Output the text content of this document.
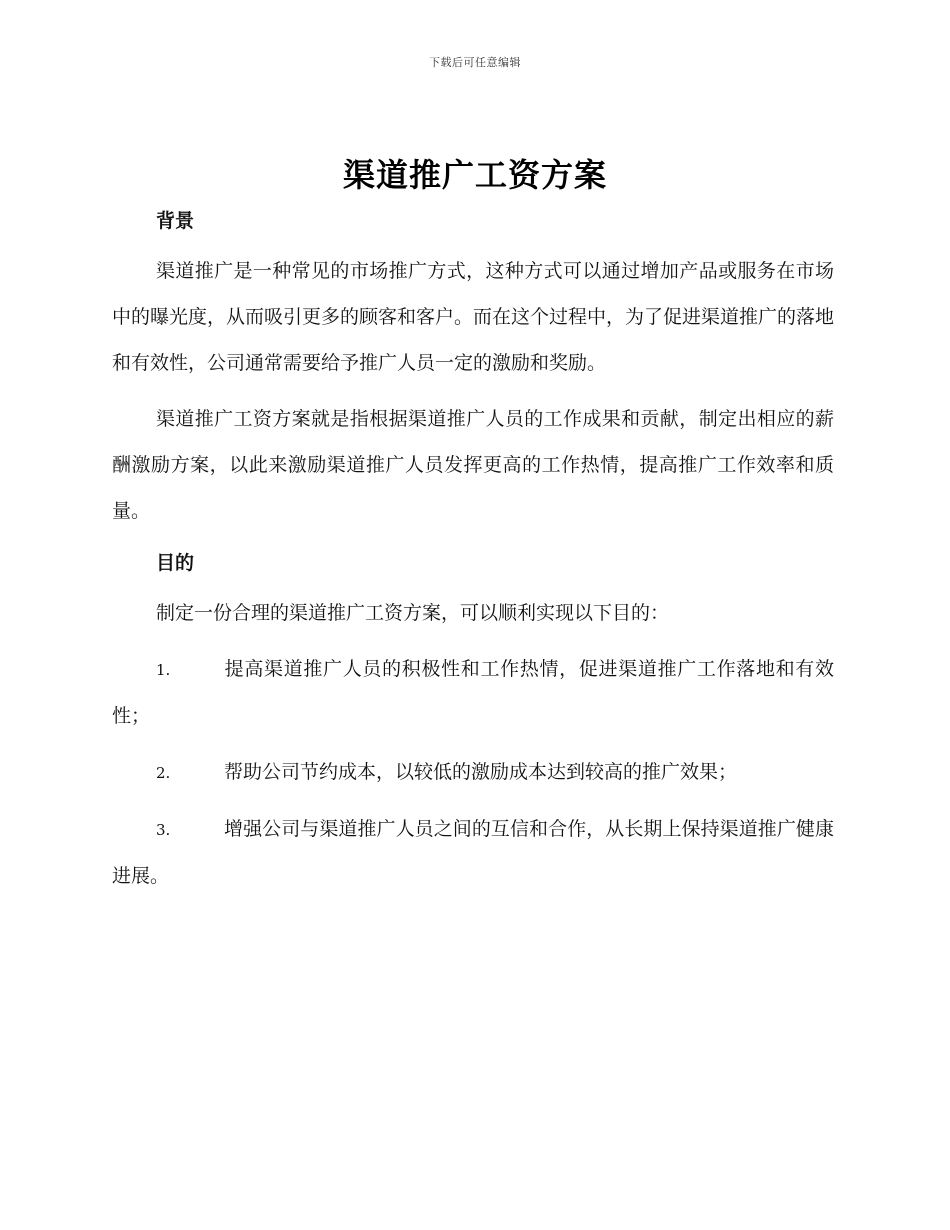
下载后可任意编辑
渠道推广工资方案
背景

渠道推广是一种常见的市场推广方式，这种方式可以通过增加产品或服务在市场中的曝光度，从而吸引更多的顾客和客户。而在这个过程中，为了促进渠道推广的落地和有效性，公司通常需要给予推广人员一定的激励和奖励。

渠道推广工资方案就是指根据渠道推广人员的工作成果和贡献，制定出相应的薪酬激励方案，以此来激励渠道推广人员发挥更高的工作热情，提高推广工作效率和质量。

目的

制定一份合理的渠道推广工资方案，可以顺利实现以下目的：

1.	提高渠道推广人员的积极性和工作热情，促进渠道推广工作落地和有效性；

2.	帮助公司节约成本，以较低的激励成本达到较高的推广效果；

3.	增强公司与渠道推广人员之间的互信和合作，从长期上保持渠道推广健康进展。
